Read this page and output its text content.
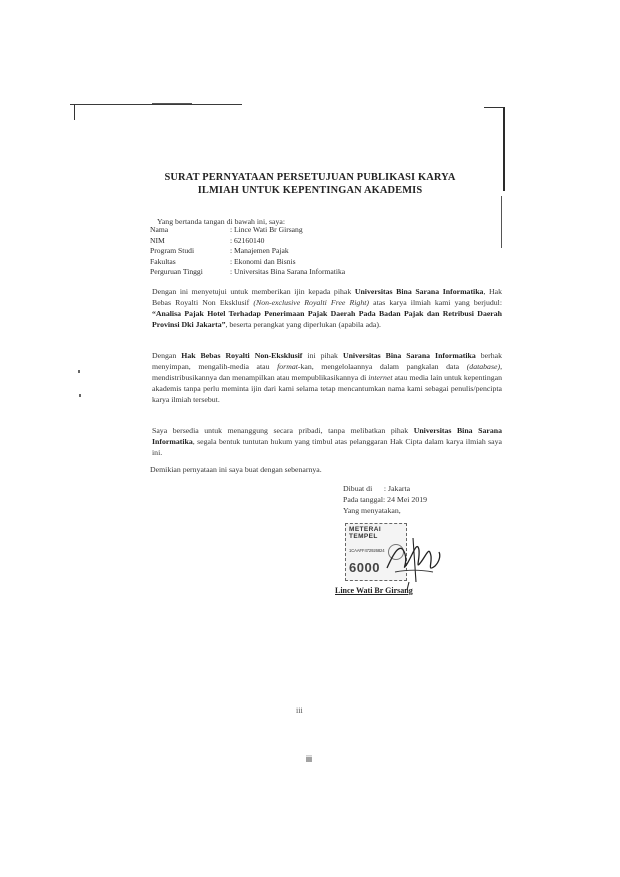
SURAT PERNYATAAN PERSETUJUAN PUBLIKASI KARYA
ILMIAH UNTUK KEPENTINGAN AKADEMIS
Yang bertanda tangan di bawah ini, saya:
Nama	: Lince Wati Br Girsang
NIM	: 62160140
Program Studi	: Manajemen Pajak
Fakultas	: Ekonomi dan Bisnis
Perguruan Tinggi	: Universitas Bina Sarana Informatika
Dengan ini menyetujui untuk memberikan ijin kepada pihak Universitas Bina Sarana Informatika, Hak Bebas Royalti Non Eksklusif (Non-exclusive Royalti Free Right) atas karya ilmiah kami yang berjudul: “Analisa Pajak Hotel Terhadap Penerimaan Pajak Daerah Pada Badan Pajak dan Retribusi Daerah Provinsi Dki Jakarta”, beserta perangkat yang diperlukan (apabila ada).
Dengan Hak Bebas Royalti Non-Eksklusif ini pihak Universitas Bina Sarana Informatika berhak menyimpan, mengalih-media atau format-kan, mengelolaannya dalam pangkalan data (database), mendistribusikannya dan menampilkan atau mempublikasikannya di internet atau media lain untuk kepentingan akademis tanpa perlu meminta ijin dari kami selama tetap mencantumkan nama kami sebagai penulis/pencipta karya ilmiah tersebut.
Saya bersedia untuk menanggung secara pribadi, tanpa melibatkan pihak Universitas Bina Sarana Informatika, segala bentuk tuntutan hukum yang timbul atas pelanggaran Hak Cipta dalam karya ilmiah saya ini.
Demikian pernyataan ini saya buat dengan sebenarnya.
Dibuat di      : Jakarta
Pada tanggal: 24 Mei 2019
Yang menyatakan,
METERAI TEMPEL
1CAAFF472926824
6000
Lince Wati Br Girsang
iii
iii
